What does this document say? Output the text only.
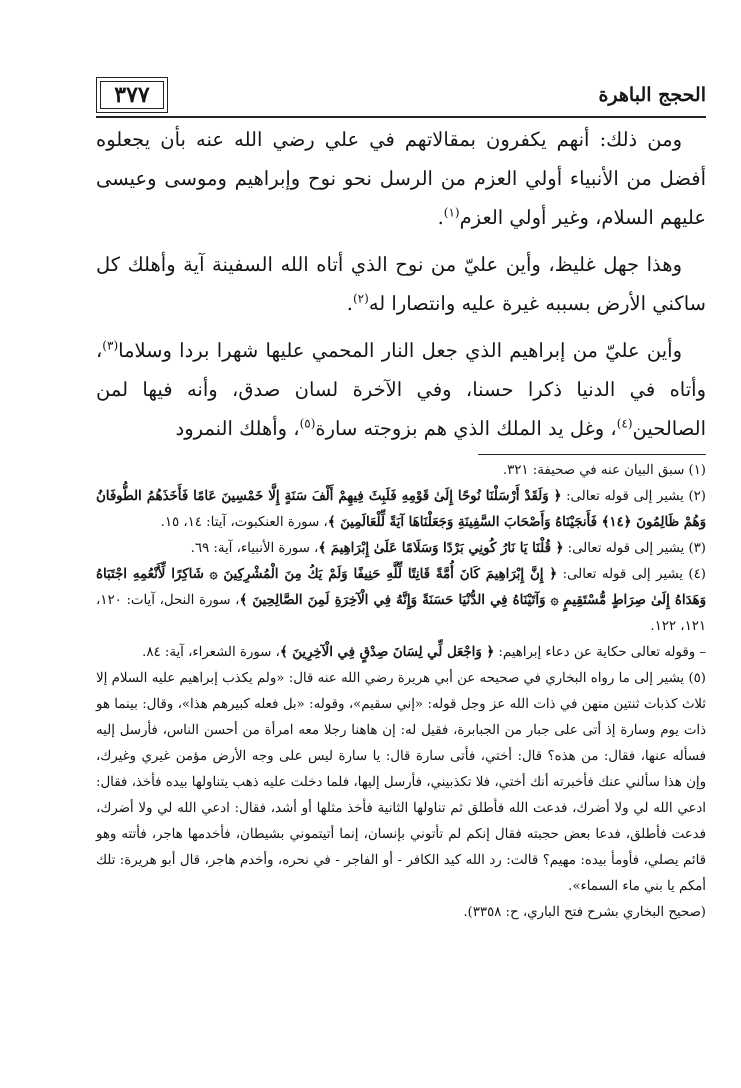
٣٧٧	الحجج الباهرة

ومن ذلك: أنهم يكفرون بمقالاتهم في علي رضي الله عنه بأن يجعلوه أفضل من الأنبياء أولي العزم من الرسل نحو نوح وإبراهيم وموسى وعيسى عليهم السلام، وغير أولي العزم$^{(١)}$.

وهذا جهل غليظ، وأين عليّ من نوح الذي أتاه الله السفينة آية وأهلك كل ساكني الأرض بسببه غيرة عليه وانتصارا له$^{(٢)}$.

وأين عليّ من إبراهيم الذي جعل النار المحمي عليها شهرا بردا وسلاما$^{(٣)}$، وأتاه في الدنيا ذكرا حسنا، وفي الآخرة لسان صدق، وأنه فيها لمن الصالحين$^{(٤)}$، وغل يد الملك الذي هم بزوجته سارة$^{(٥)}$، وأهلك النمرود

(١) سبق البيان عنه في صحيفة: ٣٢١.

(٢) يشير إلى قوله تعالى: ﴿ وَلَقَدْ أَرْسَلْنَا نُوحًا إِلَىٰ قَوْمِهِ فَلَبِثَ فِيهِمْ أَلْفَ سَنَةٍ إِلَّا خَمْسِينَ عَامًا فَأَخَذَهُمُ الطُّوفَانُ وَهُمْ ظَالِمُونَ ﴿١٤﴾ فَأَنجَيْنَاهُ وَأَصْحَابَ السَّفِينَةِ وَجَعَلْنَاهَا آيَةً لِّلْعَالَمِينَ ﴾، سورة العنكبوت، آيتا: ١٤، ١٥.

(٣) يشير إلى قوله تعالى: ﴿ قُلْنَا يَا نَارُ كُونِي بَرْدًا وَسَلَامًا عَلَىٰ إِبْرَاهِيمَ ﴾، سورة الأنبياء، آية: ٦٩.

(٤) يشير إلى قوله تعالى: ﴿ إِنَّ إِبْرَاهِيمَ كَانَ أُمَّةً قَانِتًا لِّلَّهِ حَنِيفًا وَلَمْ يَكُ مِنَ الْمُشْرِكِينَ ۞ شَاكِرًا لِّأَنْعُمِهِ اجْتَبَاهُ وَهَدَاهُ إِلَىٰ صِرَاطٍ مُّسْتَقِيمٍ ۞ وَآتَيْنَاهُ فِي الدُّنْيَا حَسَنَةً وَإِنَّهُ فِي الْآخِرَةِ لَمِنَ الصَّالِحِينَ ﴾، سورة النحل، آيات: ١٢٠، ١٢١، ١٢٢.

– وقوله تعالى حكاية عن دعاء إبراهيم: ﴿ وَاجْعَل لِّي لِسَانَ صِدْقٍ فِي الْآخِرِينَ ﴾، سورة الشعراء، آية: ٨٤.

(٥) يشير إلى ما رواه البخاري في صحيحه عن أبي هريرة رضي الله عنه قال: «ولم يكذب إبراهيم عليه السلام إلا ثلاث كذبات ثنتين منهن في ذات الله عز وجل قوله: «إني سقيم»، وقوله: «بل فعله كبيرهم هذا»، وقال: بينما هو ذات يوم وسارة إذ أتى على جبار من الجبابرة، فقيل له: إن هاهنا رجلا معه امرأة من أحسن الناس، فأرسل إليه فسأله عنها، فقال: من هذه؟ قال: أختي، فأتى سارة قال: يا سارة ليس على وجه الأرض مؤمن غيري وغيرك، وإن هذا سألني عنك فأخبرته أنك أختي، فلا تكذبيني، فأرسل إليها، فلما دخلت عليه ذهب يتناولها بيده فأخذ، فقال: ادعي الله لي ولا أضرك، فدعت الله فأطلق ثم تناولها الثانية فأخذ مثلها أو أشد، فقال: ادعي الله لي ولا أضرك، فدعت فأطلق، فدعا بعض حجبته فقال إنكم لم تأتوني بإنسان، إنما أتيتموني بشيطان، فأخدمها هاجر، فأتته وهو قائم يصلي، فأومأ بيده: مهيم؟ قالت: رد الله كيد الكافر - أو الفاجر - في نحره، وأخدم هاجر، قال أبو هريرة: تلك أمكم يا بني ماء السماء».

(صحيح البخاري بشرح فتح الباري، ح: ٣٣٥٨).
